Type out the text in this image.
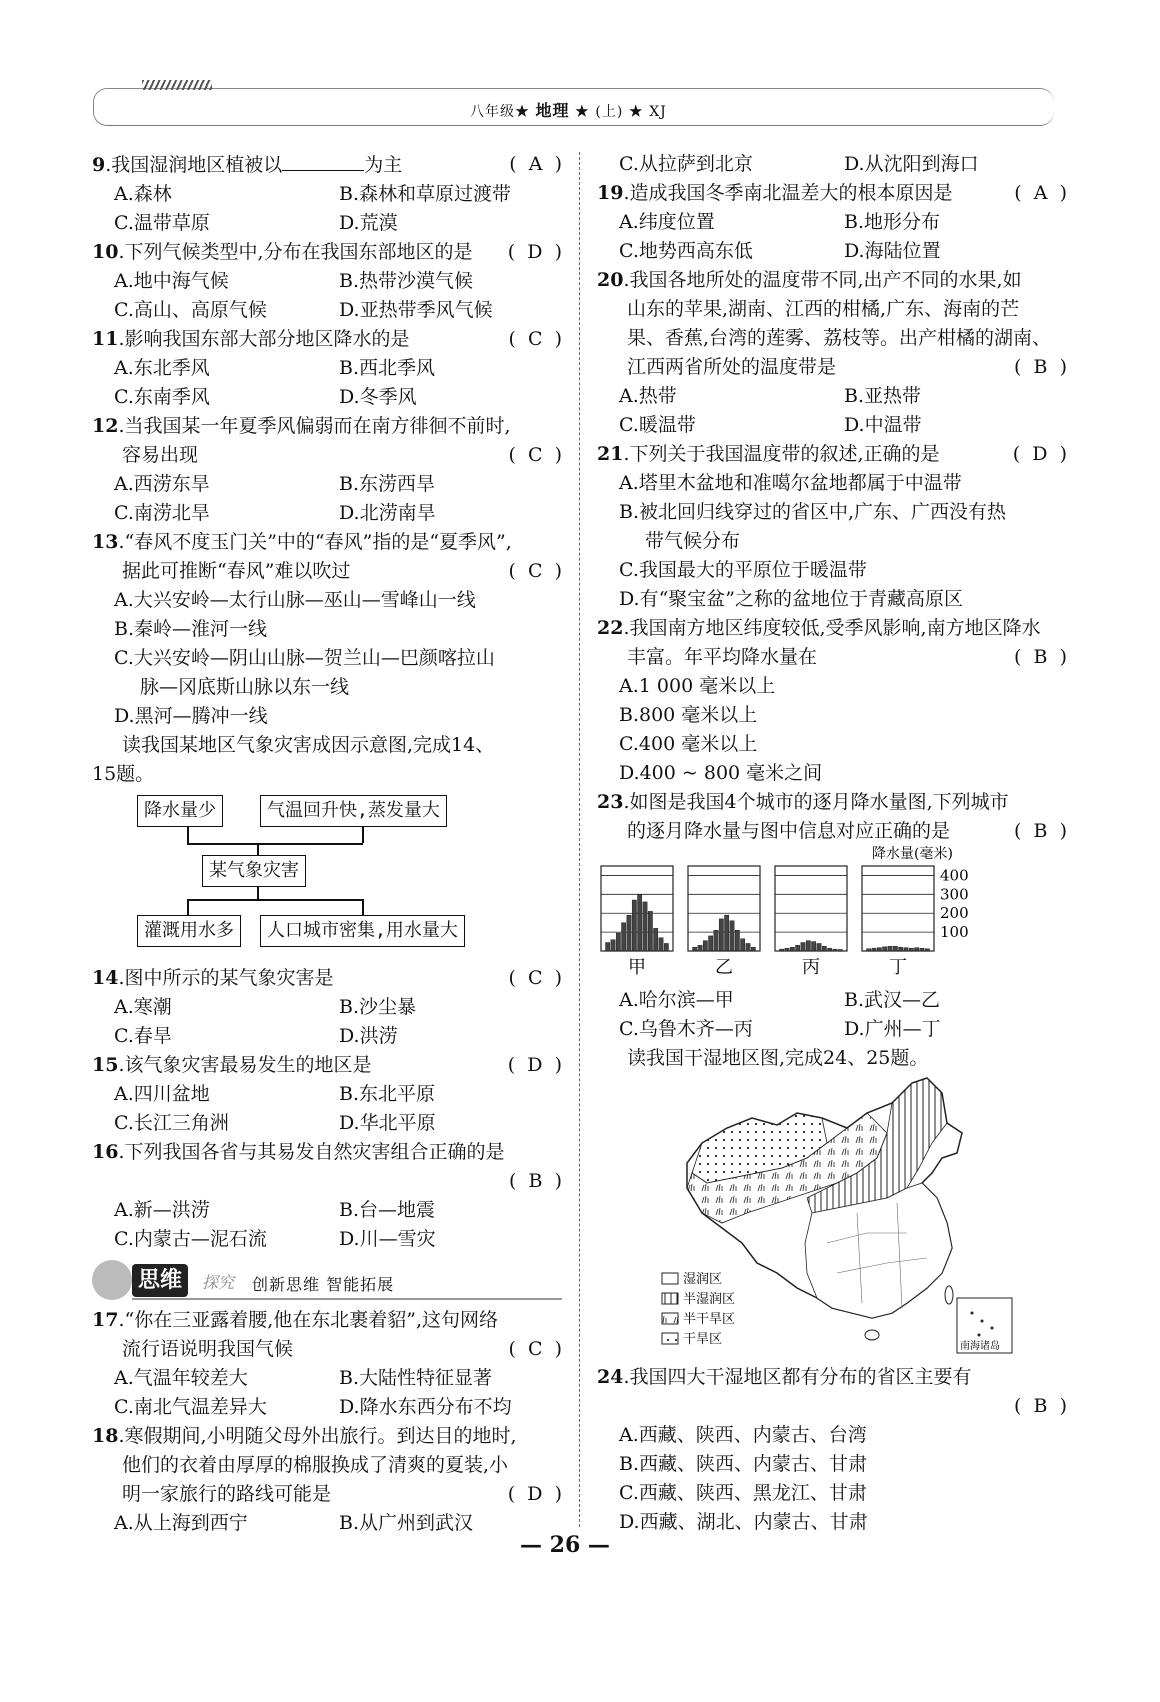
八年级★ 地理 ★ (上) ★ XJ
9.我国湿润地区植被以	为主	(  A  )
A.森林	B.森林和草原过渡带
C.温带草原	D.荒漠
10.下列气候类型中,分布在我国东部地区的是	(  D  )
A.地中海气候	B.热带沙漠气候
C.高山、高原气候	D.亚热带季风气候
11.影响我国东部大部分地区降水的是	(  C  )
A.东北季风	B.西北季风
C.东南季风	D.冬季风
12.当我国某一年夏季风偏弱而在南方徘徊不前时,
容易出现	(  C  )
A.西涝东旱	B.东涝西旱
C.南涝北旱	D.北涝南旱
13.“春风不度玉门关”中的“春风”指的是“夏季风”,
据此可推断“春风”难以吹过	(  C  )
A.大兴安岭—太行山脉—巫山—雪峰山一线
B.秦岭—淮河一线
C.大兴安岭—阴山山脉—贺兰山—巴颜喀拉山
脉—冈底斯山脉以东一线
D.黑河—腾冲一线
读我国某地区气象灾害成因示意图,完成14、
15题。
降水量少	气温回升快,蒸发量大
某气象灾害
灌溉用水多	人口城市密集,用水量大
14.图中所示的某气象灾害是	(  C  )
A.寒潮	B.沙尘暴
C.春旱	D.洪涝
15.该气象灾害最易发生的地区是	(  D  )
A.四川盆地	B.东北平原
C.长江三角洲	D.华北平原
16.下列我国各省与其易发自然灾害组合正确的是
(  B  )
A.新—洪涝	B.台—地震
C.内蒙古—泥石流	D.川—雪灾
思维	探究 创新思维 智能拓展
17.“你在三亚露着腰,他在东北裹着貂”,这句网络
流行语说明我国气候	(  C  )
A.气温年较差大	B.大陆性特征显著
C.南北气温差异大	D.降水东西分布不均
18.寒假期间,小明随父母外出旅行。到达目的地时,
他们的衣着由厚厚的棉服换成了清爽的夏装,小
明一家旅行的路线可能是	(  D  )
A.从上海到西宁	B.从广州到武汉
C.从拉萨到北京	D.从沈阳到海口
19.造成我国冬季南北温差大的根本原因是	(  A  )
A.纬度位置	B.地形分布
C.地势西高东低	D.海陆位置
20.我国各地所处的温度带不同,出产不同的水果,如
山东的苹果,湖南、江西的柑橘,广东、海南的芒
果、香蕉,台湾的莲雾、荔枝等。出产柑橘的湖南、
江西两省所处的温度带是	(  B  )
A.热带	B.亚热带
C.暖温带	D.中温带
21.下列关于我国温度带的叙述,正确的是	(  D  )
A.塔里木盆地和准噶尔盆地都属于中温带
B.被北回归线穿过的省区中,广东、广西没有热
带气候分布
C.我国最大的平原位于暖温带
D.有“聚宝盆”之称的盆地位于青藏高原区
22.我国南方地区纬度较低,受季风影响,南方地区降水
丰富。年平均降水量在	(  B  )
A.1 000 毫米以上
B.800 毫米以上
C.400 毫米以上
D.400 ~ 800 毫米之间
23.如图是我国4个城市的逐月降水量图,下列城市
的逐月降水量与图中信息对应正确的是	(  B  )
甲	乙	丙	丁
400
300
200
100
降水量(毫米)
A.哈尔滨—甲	B.武汉—乙
C.乌鲁木齐—丙	D.广州—丁
读我国干湿地区图,完成24、25题。
湿润区
半湿润区
半干旱区
干旱区	南海诸岛
24.我国四大干湿地区都有分布的省区主要有
(  B  )
A.西藏、陕西、内蒙古、台湾
B.西藏、陕西、内蒙古、甘肃
C.西藏、陕西、黑龙江、甘肃
D.西藏、湖北、内蒙古、甘肃
— 26 —
